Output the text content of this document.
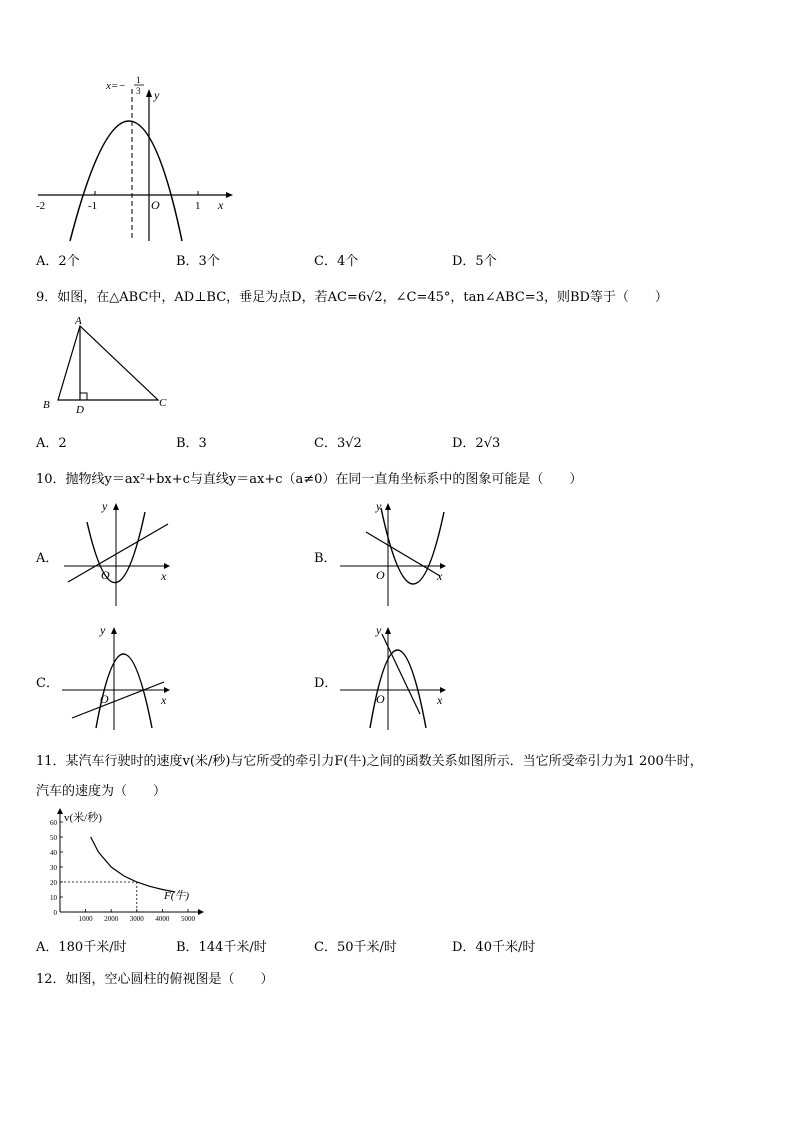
x=− 1
3 y
x
O
-2	-1	1
A．2个	B．3个	C．4个	D．5个
9．如图，在△ABC中，AD⊥BC，垂足为点D，若AC=6√2，∠C=45°，tan∠ABC=3，则BD等于（　　）
A
B D
C
A．2	B．3	C．3√2	D．2√3
10．抛物线y＝ax²+bx+c与直线y＝ax+c（a≠0）在同一直角坐标系中的图象可能是（　　）
A．
y
x
O
B．
y
x
O
C．
y
x
O
D．
y
x
O
11．某汽车行驶时的速度v(米/秒)与它所受的牵引力F(牛)之间的函数关系如图所示．当它所受牵引力为1 200牛时，
汽车的速度为（　　）
0
10
20
30
40
50
60
1000 2000 3000 4000 5000
v(米/秒)
F(牛)
A．180千米/时	B．144千米/时	C．50千米/时	D．40千米/时
12．如图，空心圆柱的俯视图是（　　）
